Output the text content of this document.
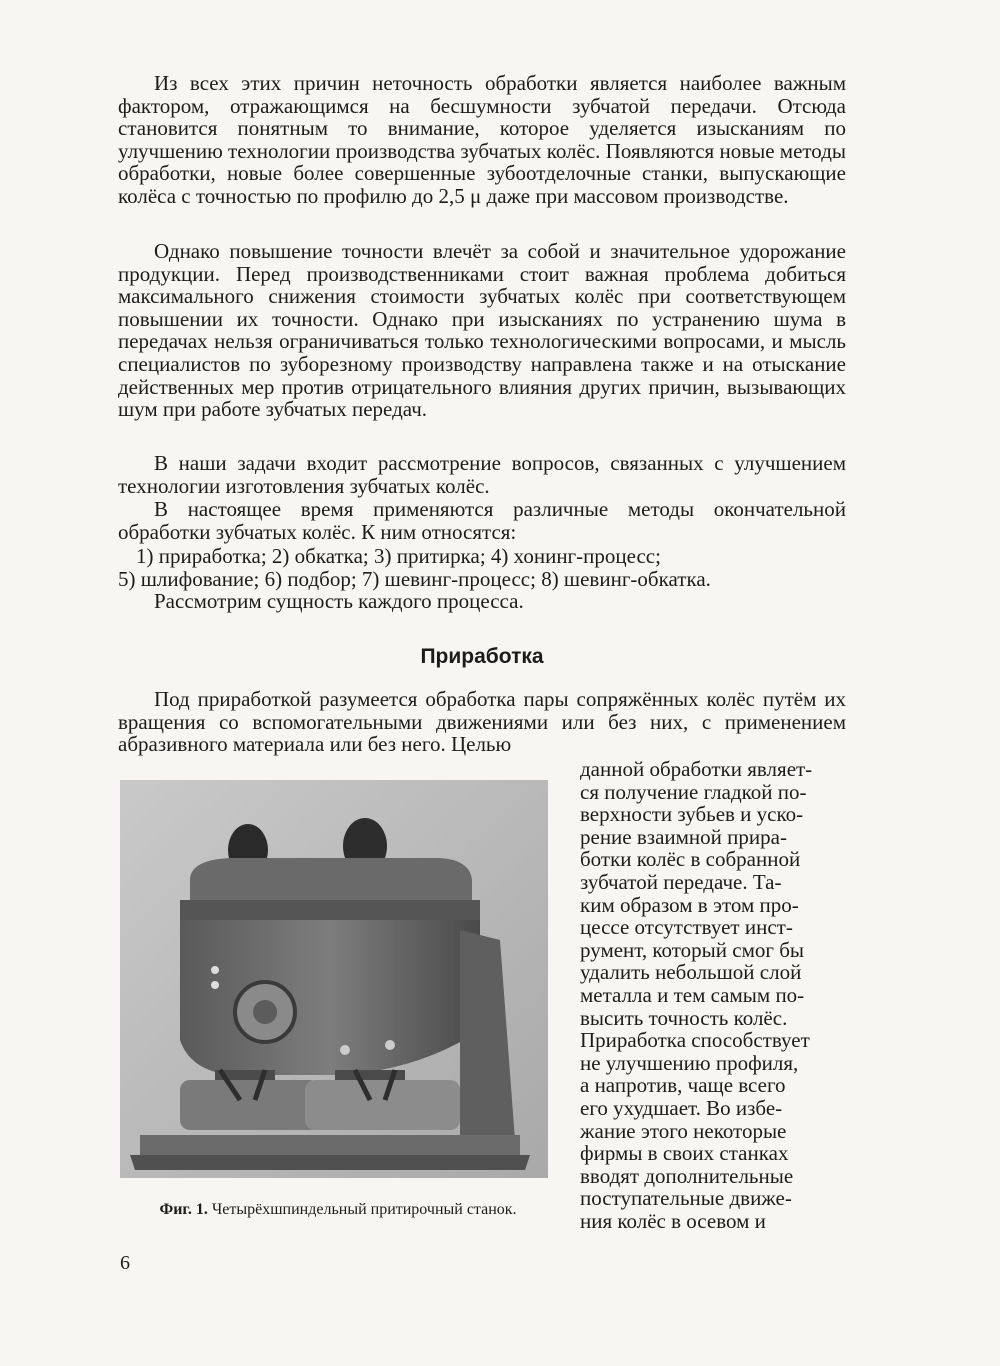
Из всех этих причин неточность обработки является наиболее важным фактором, отражающимся на бесшумности зубчатой передачи. Отсюда становится понятным то внимание, которое уделяется изысканиям по улучшению технологии производства зубчатых колёс. Появляются новые методы обработки, новые более совершенные зубоотделочные станки, выпускающие колёса с точностью по профилю до 2,5 μ даже при массовом производстве.

Однако повышение точности влечёт за собой и значительное удорожание продукции. Перед производственниками стоит важная проблема добиться максимального снижения стоимости зубчатых колёс при соответствующем повышении их точности. Однако при изысканиях по устранению шума в передачах нельзя ограничиваться только технологическими вопросами, и мысль специалистов по зуборезному производству направлена также и на отыскание действенных мер против отрицательного влияния других причин, вызывающих шум при работе зубчатых передач.

В наши задачи входит рассмотрение вопросов, связанных с улучшением технологии изготовления зубчатых колёс.

В настоящее время применяются различные методы окончательной обработки зубчатых колёс. К ним относятся:

1) приработка; 2) обкатка; 3) притирка; 4) хонинг-процесс;
5) шлифование; 6) подбор; 7) шевинг-процесс; 8) шевинг-обкатка.
Рассмотрим сущность каждого процесса.
Приработка

Под приработкой разумеется обработка пары сопряжённых колёс путём их вращения со вспомогательными движениями или без них, с применением абразивного материала или без него. Целью

данной обработки являет-
ся получение гладкой по-
верхности зубьев и уско-
рение взаимной прира-
ботки колёс в собранной
зубчатой передаче. Та-
ким образом в этом про-
цессе отсутствует инст-
румент, который смог бы
удалить небольшой слой
металла и тем самым по-
высить точность колёс.
Приработка способствует
не улучшению профиля,
а напротив, чаще всего
его ухудшает. Во избе-
жание этого некоторые
фирмы в своих станках
вводят дополнительные
поступательные движе-
ния колёс в осевом и

Фиг. 1. Четырёхшпиндельный притирочный станок.

6
